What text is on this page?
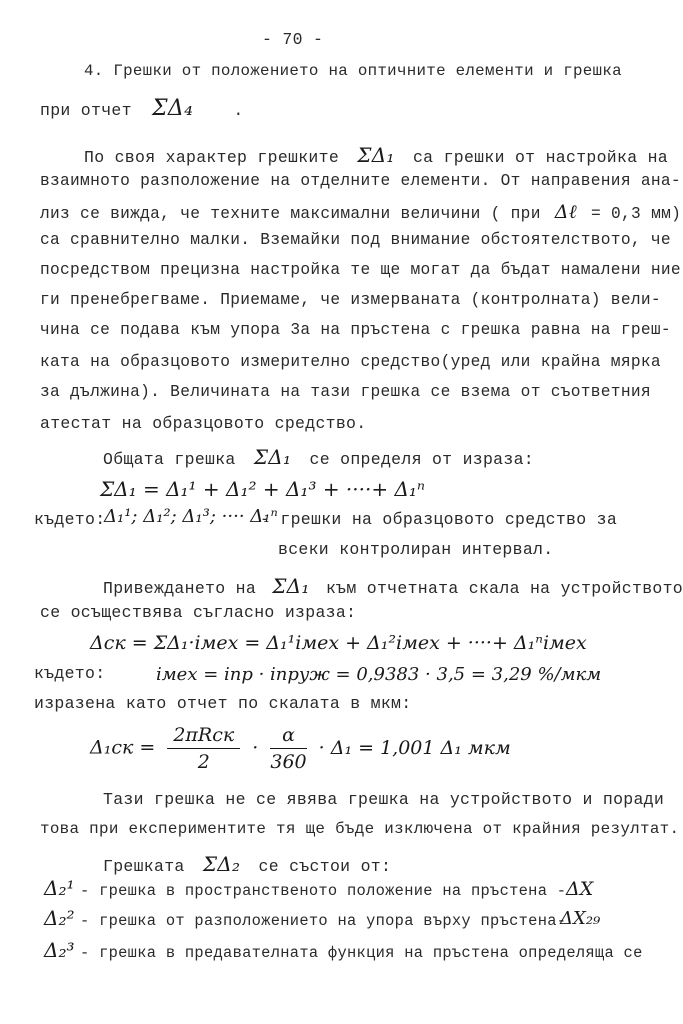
- 70 -
4. Грешки от положението на оптичните елементи и грешка
при отчет ΣΔ₄ .
По своя характер грешките ΣΔ₁ са грешки от настройка на
взаимното разположение на отделните елементи. От направения ана-
лиз се вижда, че техните максимални величини ( при Δℓ = 0,3 мм)
са сравнително малки. Вземайки под внимание обстоятелството, че
посредством прецизна настройка те ще могат да бъдат намалени ние
ги пренебрегваме. Приемаме, че измерваната (контролната) вели-
чина се подава към упора 3а на пръстена с грешка равна на греш-
ката на образцовото измерително средство(уред или крайна мярка
за дължина). Величината на тази грешка се взема от съответния
атестат на образцовото средство.
Общата грешка ΣΔ₁ се определя от израза:
ΣΔ₁ = Δ₁¹ + Δ₁² + Δ₁³ + ····+ Δ₁ⁿ
където:
Δ₁¹; Δ₁²; Δ₁³; ···· Δ₁ⁿ
- грешки на образцовото средство за
всеки контролиран интервал.
Привеждането на ΣΔ₁ към отчетната скала на устройството
се осъществява съгласно израза:
Δск = ΣΔ₁·iмех = Δ₁¹iмех + Δ₁²iмех + ····+ Δ₁ⁿiмех
където:	iмех = iпр · iпруж = 0,9383 · 3,5 = 3,29 %/мкм
изразена като отчет по скалата в мкм:
$\Delta_1ск = \frac{\text{2πRск}}{2} \cdot \frac{\alpha}{360} \cdot \Delta_1 = 1,001$ Δ₁ мкм
Тази грешка не се явява грешка на устройството и поради
това при експериментите тя ще бъде изключена от крайния резултат.
Грешката ΣΔ₂ се състои от:
Δ₂¹ - грешка в пространственото положение на пръстена - ΔX
Δ₂² - грешка от разположението на упора върху пръстена-
ΔX₂₉
Δ₂³ - грешка в предавателната функция на пръстена определяща се
